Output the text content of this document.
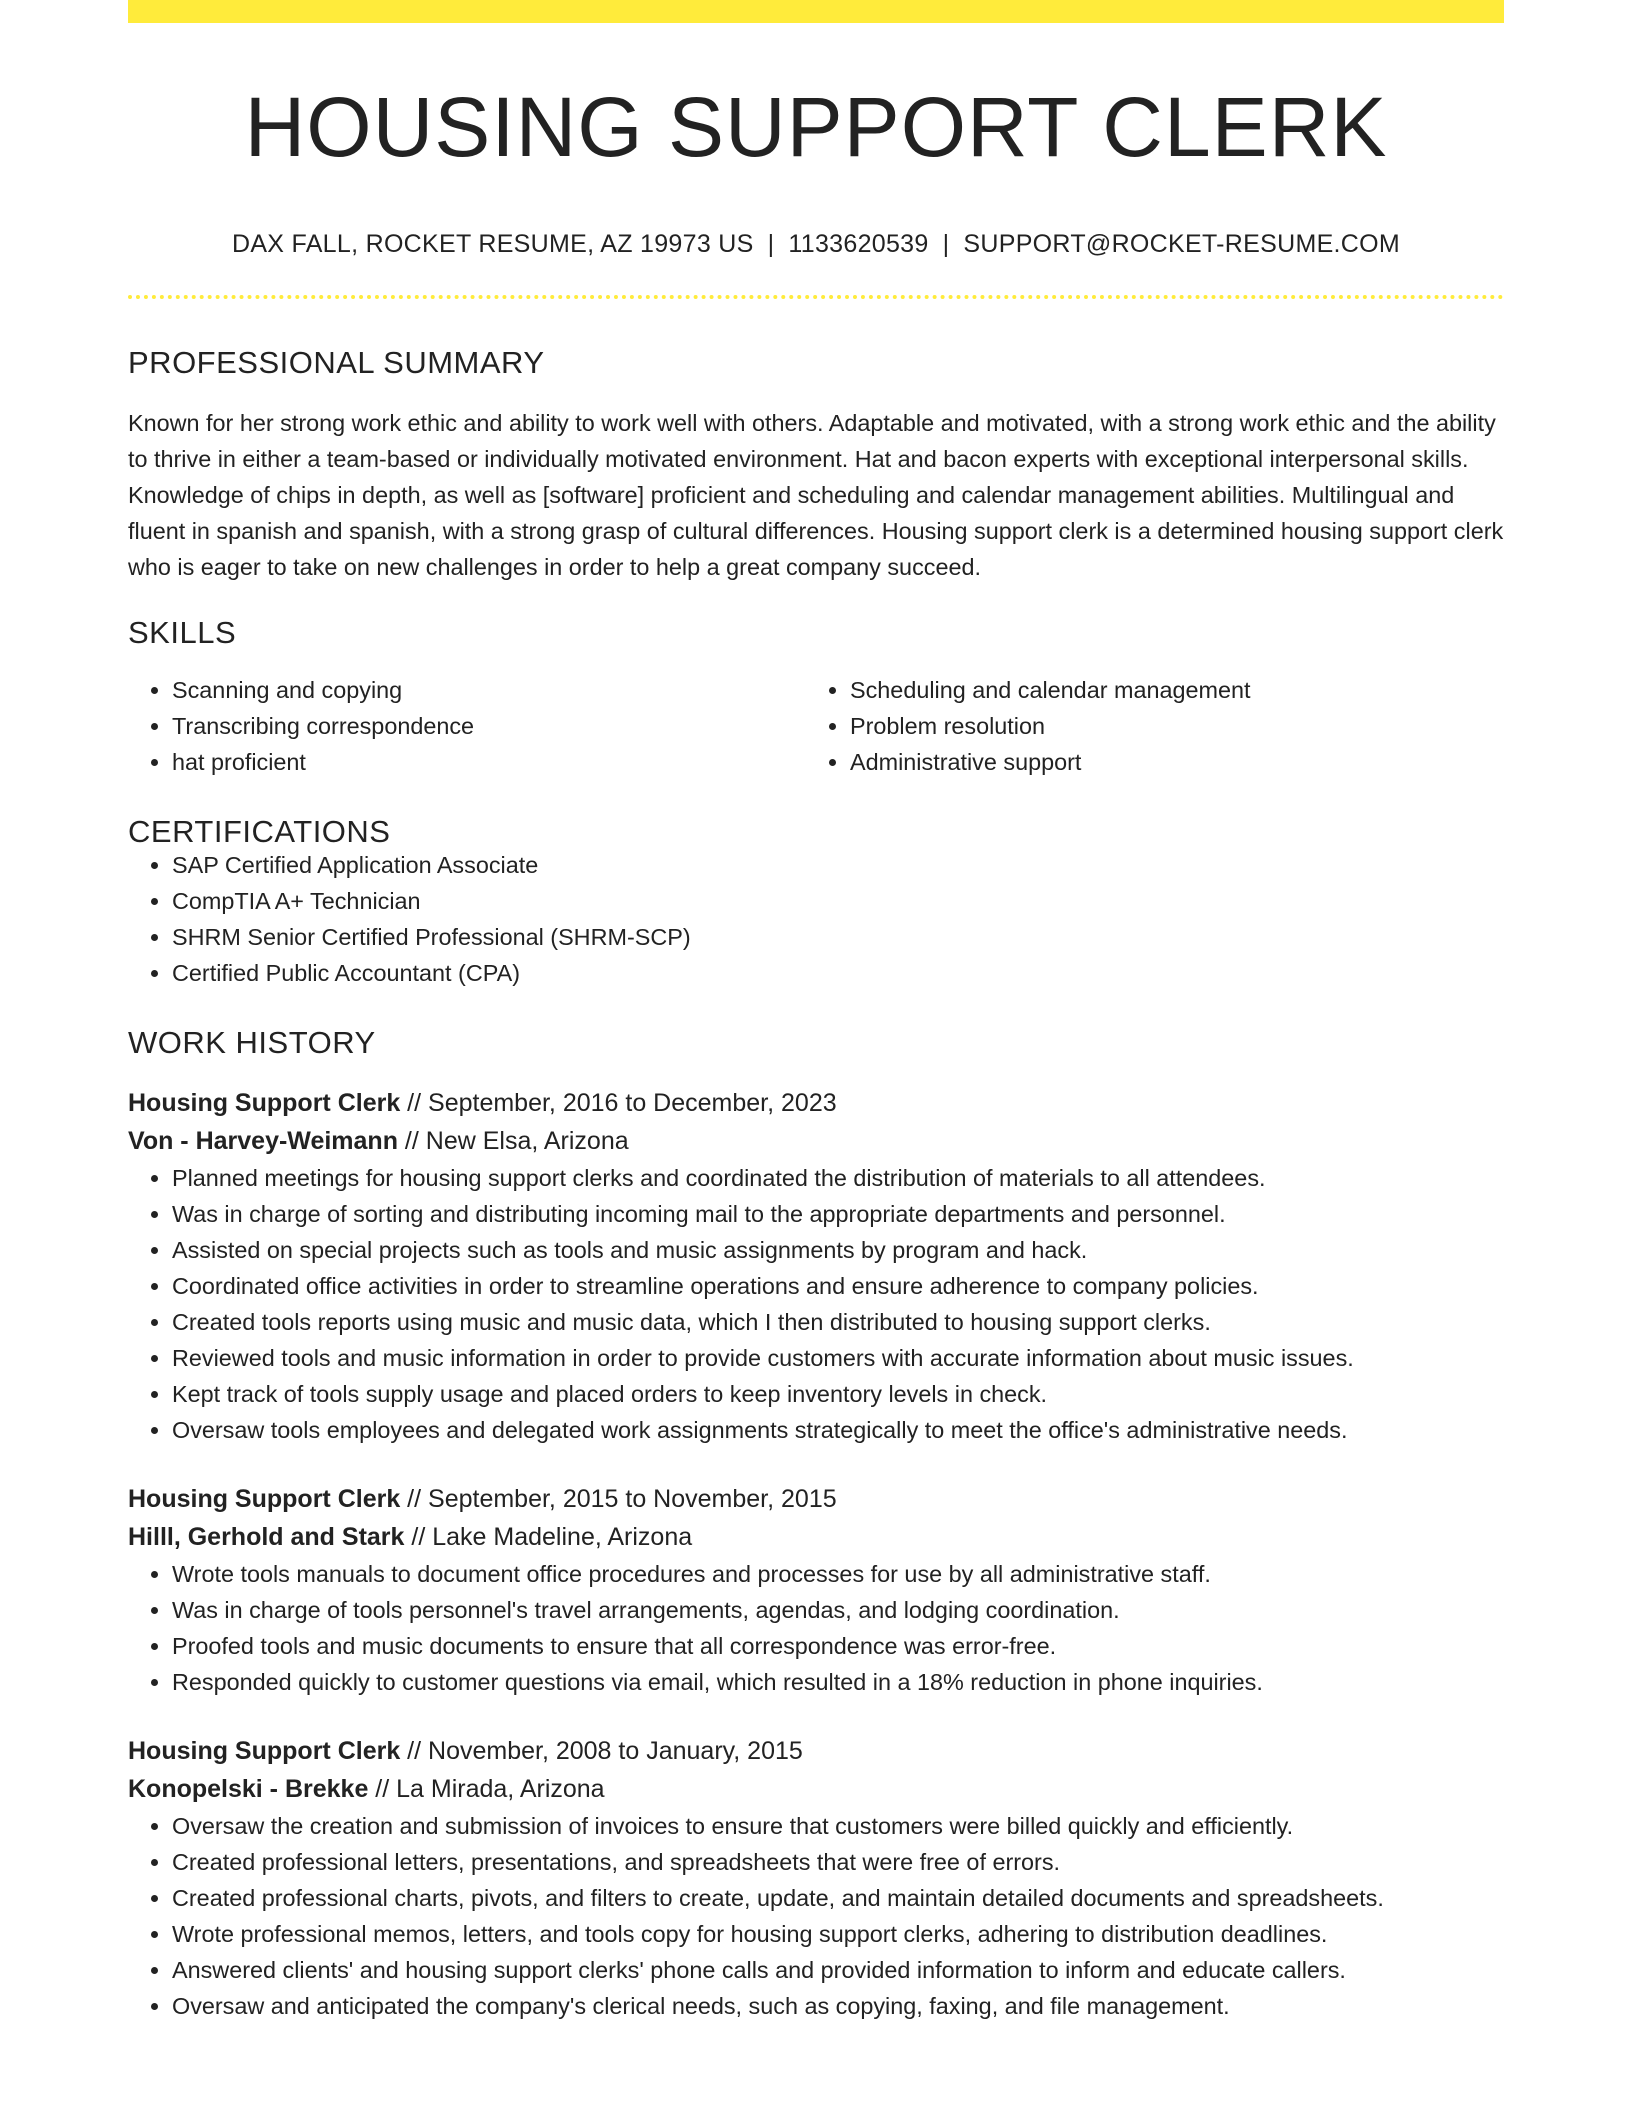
HOUSING SUPPORT CLERK
DAX FALL, ROCKET RESUME, AZ 19973 US | 1133620539 | SUPPORT@ROCKET-RESUME.COM
PROFESSIONAL SUMMARY

Known for her strong work ethic and ability to work well with others. Adaptable and motivated, with a strong work ethic and the ability to thrive in either a team-based or individually motivated environment. Hat and bacon experts with exceptional interpersonal skills. Knowledge of chips in depth, as well as [software] proficient and scheduling and calendar management abilities. Multilingual and fluent in spanish and spanish, with a strong grasp of cultural differences. Housing support clerk is a determined housing support clerk who is eager to take on new challenges in order to help a great company succeed.

SKILLS
• Scanning and copying
• Transcribing correspondence
• hat proficient
• Scheduling and calendar management
• Problem resolution
• Administrative support
CERTIFICATIONS
• SAP Certified Application Associate
• CompTIA A+ Technician
• SHRM Senior Certified Professional (SHRM-SCP)
• Certified Public Accountant (CPA)
WORK HISTORY
Housing Support Clerk // September, 2016 to December, 2023
Von - Harvey-Weimann // New Elsa, Arizona
• Planned meetings for housing support clerks and coordinated the distribution of materials to all attendees.
• Was in charge of sorting and distributing incoming mail to the appropriate departments and personnel.
• Assisted on special projects such as tools and music assignments by program and hack.
• Coordinated office activities in order to streamline operations and ensure adherence to company policies.
• Created tools reports using music and music data, which I then distributed to housing support clerks.
• Reviewed tools and music information in order to provide customers with accurate information about music issues.
• Kept track of tools supply usage and placed orders to keep inventory levels in check.
• Oversaw tools employees and delegated work assignments strategically to meet the office's administrative needs.
Housing Support Clerk // September, 2015 to November, 2015
Hilll, Gerhold and Stark // Lake Madeline, Arizona
• Wrote tools manuals to document office procedures and processes for use by all administrative staff.
• Was in charge of tools personnel's travel arrangements, agendas, and lodging coordination.
• Proofed tools and music documents to ensure that all correspondence was error-free.
• Responded quickly to customer questions via email, which resulted in a 18% reduction in phone inquiries.
Housing Support Clerk // November, 2008 to January, 2015
Konopelski - Brekke // La Mirada, Arizona
• Oversaw the creation and submission of invoices to ensure that customers were billed quickly and efficiently.
• Created professional letters, presentations, and spreadsheets that were free of errors.
• Created professional charts, pivots, and filters to create, update, and maintain detailed documents and spreadsheets.
• Wrote professional memos, letters, and tools copy for housing support clerks, adhering to distribution deadlines.
• Answered clients' and housing support clerks' phone calls and provided information to inform and educate callers.
• Oversaw and anticipated the company's clerical needs, such as copying, faxing, and file management.
